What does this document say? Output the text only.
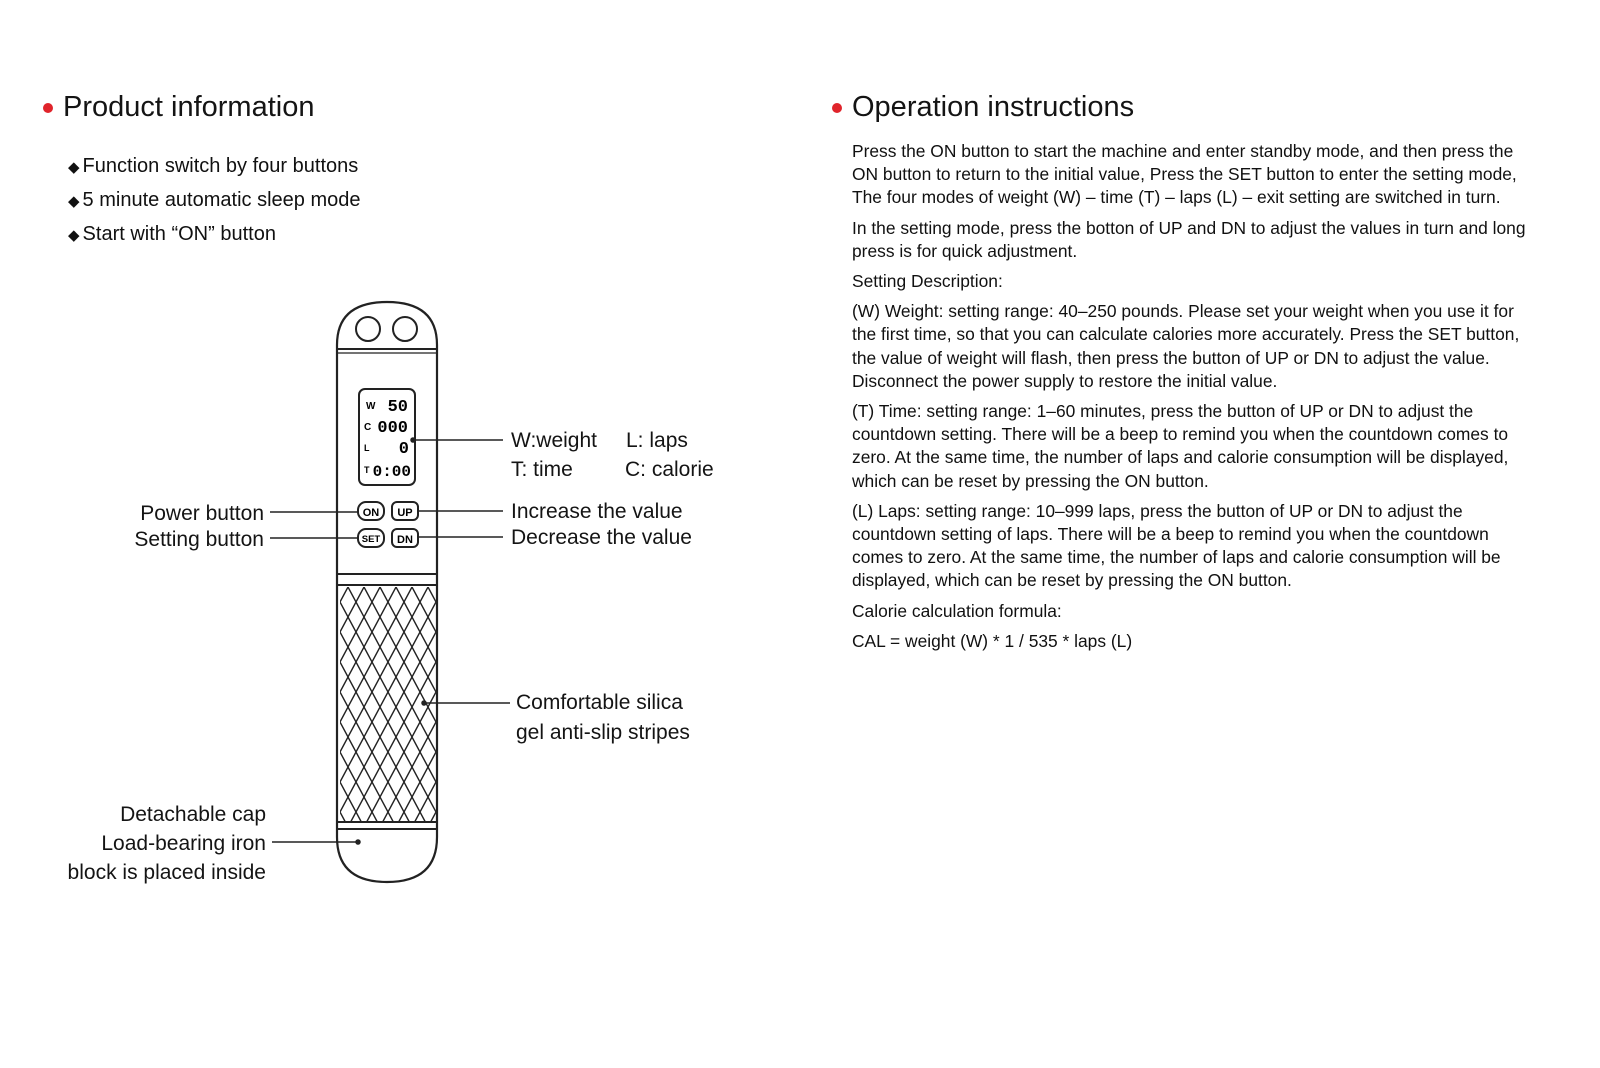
Product information
◆ Function switch by four buttons
◆ 5 minute automatic sleep mode
◆ Start with “ON” button
W 50
C 000
L 0
T 0:00
ON UP
SET DN
W:weight L: laps
T: time C: calorie
Power button
Setting button
Increase the value
Decrease the value
Comfortable silica
gel anti-slip stripes
Detachable cap
Load-bearing iron
block is placed inside
Operation instructions

Press the ON button to start the machine and enter standby mode, and then press the ON button to return to the initial value, Press the SET button to enter the setting mode, The four modes of weight (W) – time (T) – laps (L) – exit setting are switched in turn.

In the setting mode, press the botton of UP and DN to adjust the values in turn and long press is for quick adjustment.

Setting Description:

(W) Weight: setting range: 40–250 pounds. Please set your weight when you use it for the first time, so that you can calculate calories more accurately. Press the SET button, the value of weight will flash, then press the button of UP or DN to adjust the value. Disconnect the power supply to restore the initial value.

(T) Time: setting range: 1–60 minutes, press the button of UP or DN to adjust the countdown setting. There will be a beep to remind you when the countdown comes to zero. At the same time, the number of laps and calorie consumption will be displayed, which can be reset by pressing the ON button.

(L) Laps: setting range: 10–999 laps, press the button of UP or DN to adjust the countdown setting of laps. There will be a beep to remind you when the countdown comes to zero. At the same time, the number of laps and calorie consumption will be displayed, which can be reset by pressing the ON button.

Calorie calculation formula:

CAL = weight (W) * 1 / 535 * laps (L)
